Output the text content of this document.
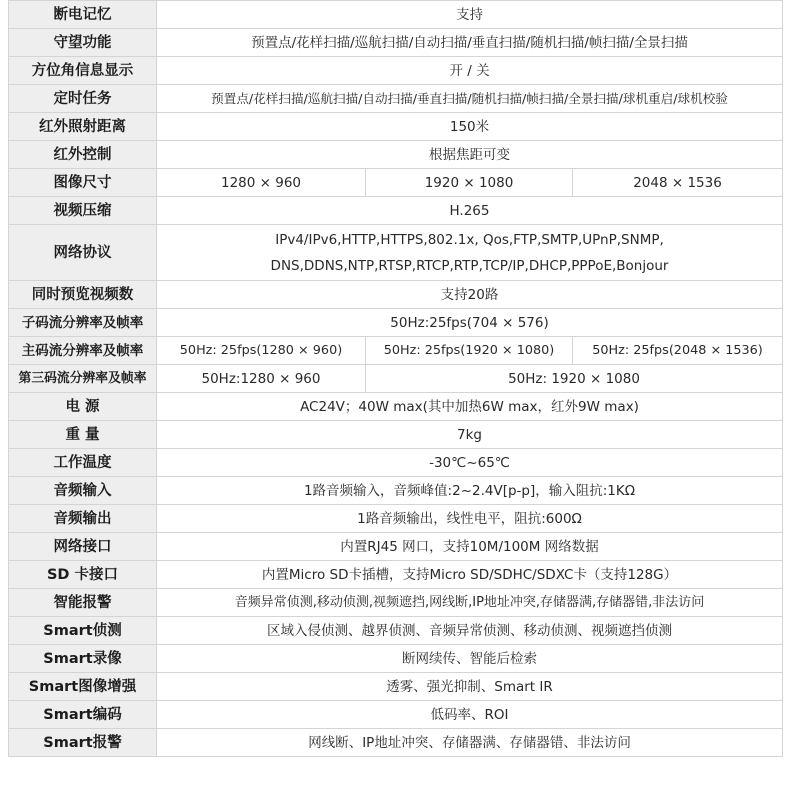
断电记忆	支持		
守望功能	预置点/花样扫描/巡航扫描/自动扫描/垂直扫描/随机扫描/帧扫描/全景扫描		
方位角信息显示	开 / 关		
定时任务	预置点/花样扫描/巡航扫描/自动扫描/垂直扫描/随机扫描/帧扫描/全景扫描/球机重启/球机校验		
红外照射距离	150米		
红外控制	根据焦距可变		
图像尺寸	1280 × 960	1920 × 1080	2048 × 1536
视频压缩	H.265		
网络协议	IPv4/IPv6,HTTP,HTTPS,802.1x, Qos,FTP,SMTP,UPnP,SNMP,
DNS,DDNS,NTP,RTSP,RTCP,RTP,TCP/IP,DHCP,PPPoE,Bonjour		

同时预览视频数	支持20路		
子码流分辨率及帧率	50Hz:25fps(704 × 576)		
主码流分辨率及帧率	50Hz: 25fps(1280 × 960)	50Hz: 25fps(1920 × 1080)	50Hz: 25fps(2048 × 1536)
第三码流分辨率及帧率	50Hz:1280 × 960	50Hz: 1920 × 1080	
电 源	AC24V；40W max(其中加热6W max，红外9W max)		
重 量	7kg		
工作温度	-30℃~65℃		
音频输入	1路音频输入，音频峰值:2~2.4V[p-p]，输入阻抗:1KΩ		
音频输出	1路音频输出，线性电平，阻抗:600Ω		
网络接口	内置RJ45 网口，支持10M/100M 网络数据		
SD 卡接口	内置Micro SD卡插槽，支持Micro SD/SDHC/SDXC卡（支持128G）		
智能报警	音频异常侦测,移动侦测,视频遮挡,网线断,IP地址冲突,存储器满,存储器错,非法访问		
Smart侦测	区域入侵侦测、越界侦测、音频异常侦测、移动侦测、视频遮挡侦测		
Smart录像	断网续传、智能后检索		
Smart图像增强	透雾、强光抑制、Smart IR		
Smart编码	低码率、ROI		
Smart报警	网线断、IP地址冲突、存储器满、存储器错、非法访问		
